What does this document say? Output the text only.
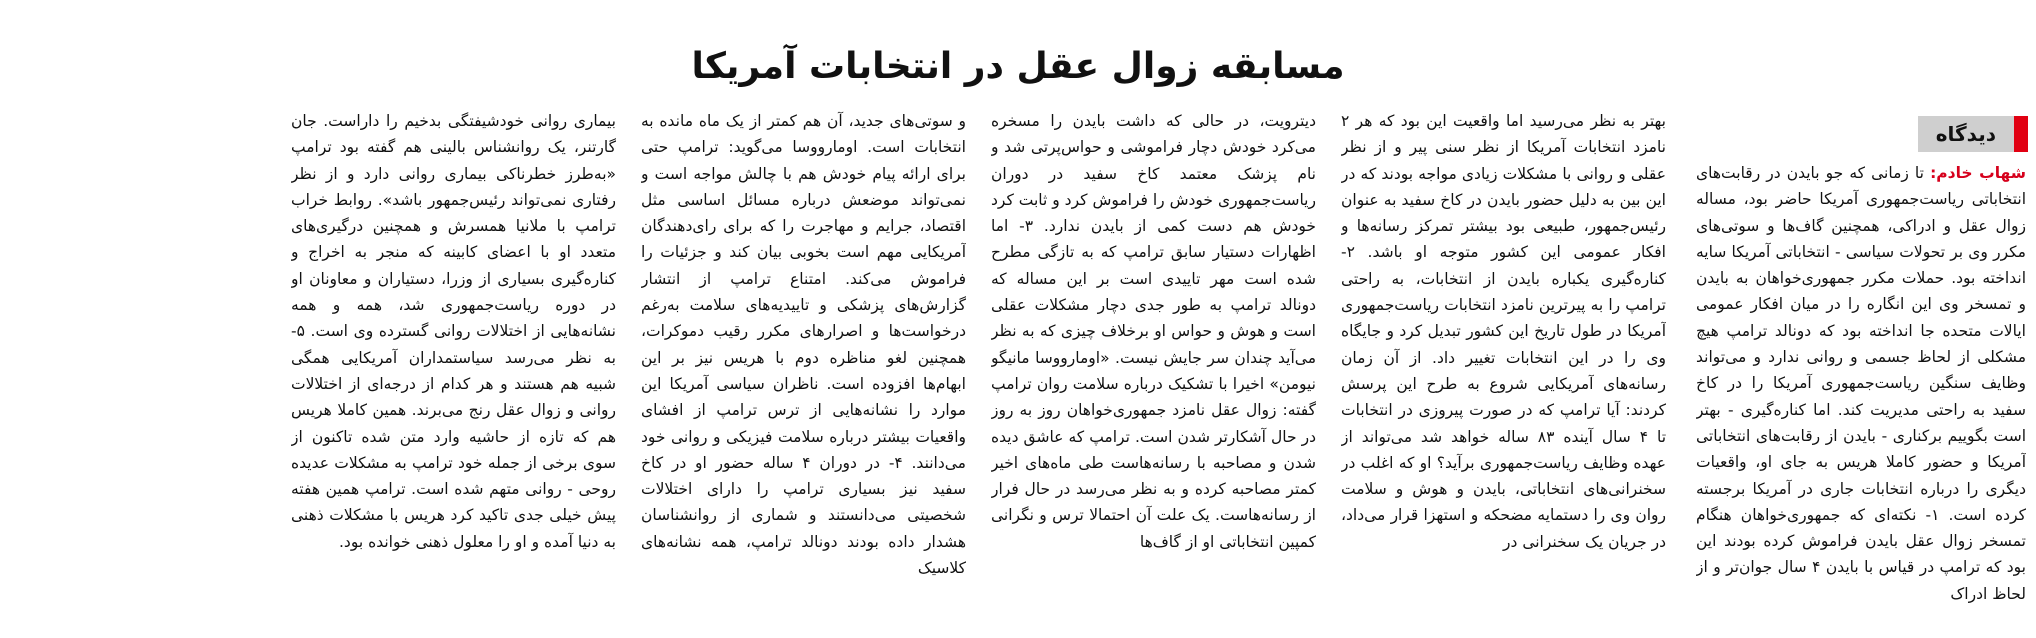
مسابقه زوال عقل در انتخابات آمریکا
دیدگاه

شهاب خادم: تا زمانی که جو بایدن در رقابت‌های انتخاباتی ریاست‌جمهوری آمریکا حاضر بود، مساله زوال عقل و ادراکی، همچنین گاف‌ها و سوتی‌های مکرر وی بر تحولات سیاسی - انتخاباتی آمریکا سایه انداخته بود. حملات مکرر جمهوری‌خواهان به بایدن و تمسخر وی این انگاره را در میان افکار عمومی ایالات متحده جا انداخته بود که دونالد ترامپ هیچ مشکلی از لحاظ جسمی و روانی ندارد و می‌تواند وظایف سنگین ریاست‌جمهوری آمریکا را در کاخ سفید به راحتی مدیریت کند. اما کناره‌گیری - بهتر است بگوییم برکناری - بایدن از رقابت‌های انتخاباتی آمریکا و حضور کاملا هریس به جای او، واقعیات دیگری را درباره انتخابات جاری در آمریکا برجسته کرده است. ۱- نکته‌ای که جمهوری‌خواهان هنگام تمسخر زوال عقل بایدن فراموش کرده بودند این بود که ترامپ در قیاس با بایدن ۴ سال جوان‌تر و از لحاظ ادراک

بهتر به نظر می‌رسید اما واقعیت این بود که هر ۲ نامزد انتخابات آمریکا از نظر سنی پیر و از نظر عقلی و روانی با مشکلات زیادی مواجه بودند که در این بین به دلیل حضور بایدن در کاخ سفید به عنوان رئیس‌جمهور، طبیعی بود بیشتر تمرکز رسانه‌ها و افکار عمومی این کشور متوجه او باشد. ۲- کناره‌گیری یکباره بایدن از انتخابات، به راحتی ترامپ را به پیرترین نامزد انتخابات ریاست‌جمهوری آمریکا در طول تاریخ این کشور تبدیل کرد و جایگاه وی را در این انتخابات تغییر داد. از آن زمان رسانه‌های آمریکایی شروع به طرح این پرسش کردند: آیا ترامپ که در صورت پیروزی در انتخابات تا ۴ سال آینده ۸۳ ساله خواهد شد می‌تواند از عهده وظایف ریاست‌جمهوری برآید؟ او که اغلب در سخنرانی‌های انتخاباتی، بایدن و هوش و سلامت روان وی را دستمایه مضحکه و استهزا قرار می‌داد، در جریان یک سخنرانی در

دیترویت، در حالی که داشت بایدن را مسخره می‌کرد خودش دچار فراموشی و حواس‌پرتی شد و نام پزشک معتمد کاخ سفید در دوران ریاست‌جمهوری خودش را فراموش کرد و ثابت کرد خودش هم دست کمی از بایدن ندارد. ۳- اما اظهارات دستیار سابق ترامپ که به تازگی مطرح شده است مهر تاییدی است بر این مساله که دونالد ترامپ به طور جدی دچار مشکلات عقلی است و هوش و حواس او برخلاف چیزی که به نظر می‌آید چندان سر جایش نیست. «اومارووسا مانیگو نیومن» اخیرا با تشکیک درباره سلامت روان ترامپ گفته: زوال عقل نامزد جمهوری‌خواهان روز به روز در حال آشکارتر شدن است. ترامپ که عاشق دیده شدن و مصاحبه با رسانه‌هاست طی ماه‌های اخیر کمتر مصاحبه کرده و به نظر می‌رسد در حال فرار از رسانه‌هاست. یک علت آن احتمالا ترس و نگرانی کمپین انتخاباتی او از گاف‌ها

و سوتی‌های جدید، آن هم کمتر از یک ماه مانده به انتخابات است. اومارووسا می‌گوید: ترامپ حتی برای ارائه پیام خودش هم با چالش مواجه است و نمی‌تواند موضعش درباره مسائل اساسی مثل اقتصاد، جرایم و مهاجرت را که برای رای‌دهندگان آمریکایی مهم است بخوبی بیان کند و جزئیات را فراموش می‌کند. امتناع ترامپ از انتشار گزارش‌های پزشکی و تاییدیه‌های سلامت به‌رغم درخواست‌ها و اصرارهای مکرر رقیب دموکرات، همچنین لغو مناظره دوم با هریس نیز بر این ابهام‌ها افزوده است. ناظران سیاسی آمریکا این موارد را نشانه‌هایی از ترس ترامپ از افشای واقعیات بیشتر درباره سلامت فیزیکی و روانی خود می‌دانند. ۴- در دوران ۴ ساله حضور او در کاخ سفید نیز بسیاری ترامپ را دارای اختلالات شخصیتی می‌دانستند و شماری از روانشناسان هشدار داده بودند دونالد ترامپ، همه نشانه‌های کلاسیک

بیماری روانی خودشیفتگی بدخیم را داراست. جان گارتنر، یک روانشناس بالینی هم گفته بود ترامپ «به‌طرز خطرناکی بیماری روانی دارد و از نظر رفتاری نمی‌تواند رئیس‌جمهور باشد». روابط خراب ترامپ با ملانیا همسرش و همچنین درگیری‌های متعدد او با اعضای کابینه که منجر به اخراج و کناره‌گیری بسیاری از وزرا، دستیاران و معاونان او در دوره ریاست‌جمهوری شد، همه و همه نشانه‌هایی از اختلالات روانی گسترده وی است. ۵- به نظر می‌رسد سیاستمداران آمریکایی همگی شبیه هم هستند و هر کدام از درجه‌ای از اختلالات روانی و زوال عقل رنج می‌برند. همین کاملا هریس هم که تازه از حاشیه وارد متن شده تاکنون از سوی برخی از جمله خود ترامپ به مشکلات عدیده روحی - روانی متهم شده است. ترامپ همین هفته پیش خیلی جدی تاکید کرد هریس با مشکلات ذهنی به دنیا آمده و او را معلول ذهنی خوانده بود.
